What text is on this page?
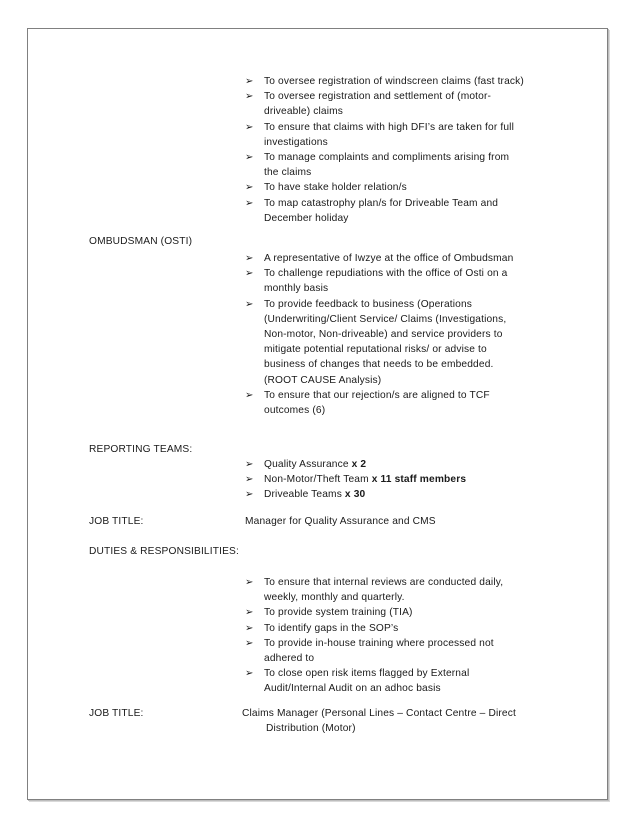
➢ To oversee registration of windscreen claims (fast track)
➢ To oversee registration and settlement of (motor-
driveable) claims
➢ To ensure that claims with high DFI’s are taken for full
investigations
➢ To manage complaints and compliments arising from
the claims
➢ To have stake holder relation/s
➢ To map catastrophy plan/s for Driveable Team and
December holiday
OMBUDSMAN (OSTI)
➢ A representative of Iwzye at the office of Ombudsman
➢ To challenge repudiations with the office of Osti on a
monthly basis
➢ To provide feedback to business (Operations
(Underwriting/Client Service/ Claims (Investigations,
Non-motor, Non-driveable) and service providers to
mitigate potential reputational risks/ or advise to
business of changes that needs to be embedded.
(ROOT CAUSE Analysis)
➢ To ensure that our rejection/s are aligned to TCF
outcomes (6)
REPORTING TEAMS:
➢ Quality Assurance x 2
➢ Non-Motor/Theft Team x 11 staff members
➢ Driveable Teams x 30
JOB TITLE:	Manager for Quality Assurance and CMS
DUTIES & RESPONSIBILITIES:
➢ To ensure that internal reviews are conducted daily,
weekly, monthly and quarterly.
➢ To provide system training (TIA)
➢ To identify gaps in the SOP’s
➢ To provide in-house training where processed not
adhered to
➢ To close open risk items flagged by External
Audit/Internal Audit on an adhoc basis
JOB TITLE:	Claims Manager (Personal Lines – Contact Centre – Direct
Distribution (Motor)
